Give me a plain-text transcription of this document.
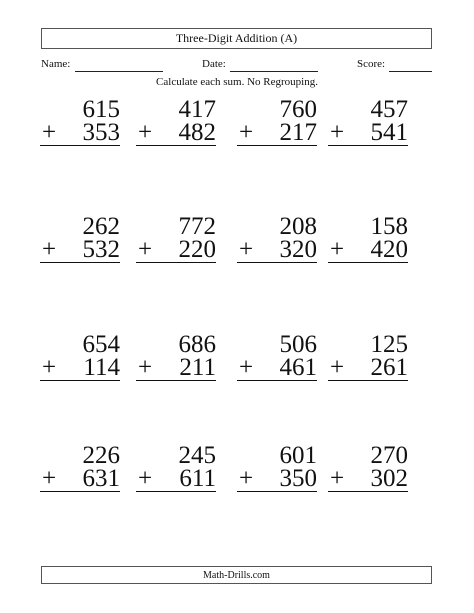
Three-Digit Addition (A)
Name:	Date:	Score:
Calculate each sum. No Regrouping.
615
+ 353
417
+ 482
760
+ 217
457
+ 541
262
+ 532
772
+ 220
208
+ 320
158
+ 420
654
+ 114
686
+ 211
506
+ 461
125
+ 261
226
+ 631
245
+ 611
601
+ 350
270
+ 302
Math-Drills.com
